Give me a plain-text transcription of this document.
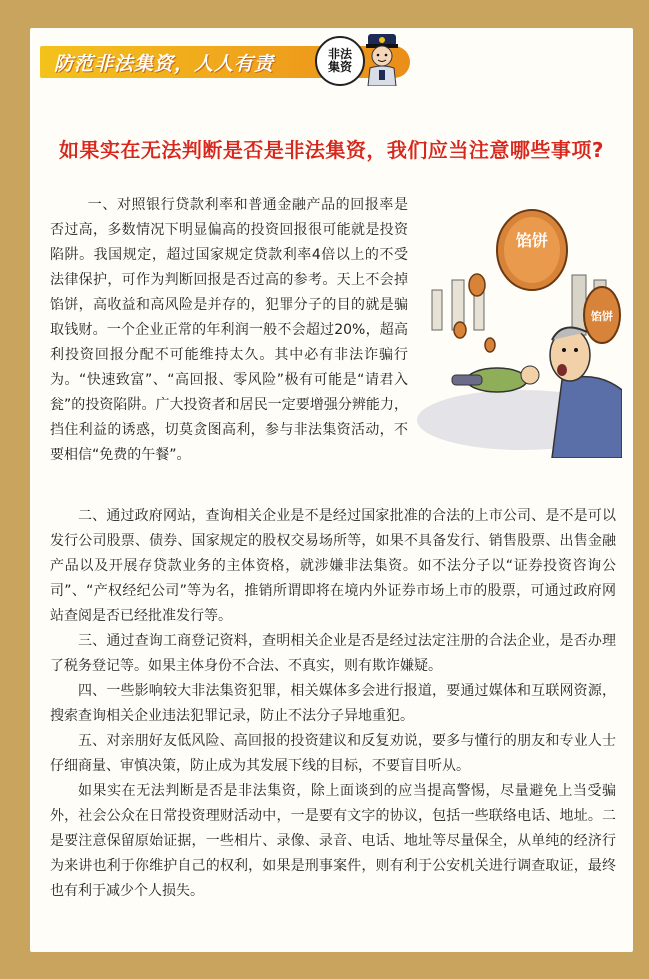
防范非法集资，人人有责	非法集资
如果实在无法判断是否是非法集资，我们应当注意哪些事项?
馅饼
馅饼

一、对照银行贷款利率和普通金融产品的回报率是否过高，多数情况下明显偏高的投资回报很可能就是投资陷阱。我国规定，超过国家规定贷款利率4倍以上的不受法律保护，可作为判断回报是否过高的参考。天上不会掉馅饼，高收益和高风险是并存的，犯罪分子的目的就是骗取钱财。一个企业正常的年利润一般不会超过20%，超高利投资回报分配不可能维持太久。其中必有非法诈骗行为。“快速致富”、“高回报、零风险”极有可能是“请君入瓮”的投资陷阱。广大投资者和居民一定要增强分辨能力，挡住利益的诱惑，切莫贪图高利，参与非法集资活动，不要相信“免费的午餐”。

二、通过政府网站，查询相关企业是不是经过国家批准的合法的上市公司、是不是可以发行公司股票、债券、国家规定的股权交易场所等，如果不具备发行、销售股票、出售金融产品以及开展存贷款业务的主体资格，就涉嫌非法集资。如不法分子以“证券投资咨询公司”、“产权经纪公司”等为名，推销所谓即将在境内外证券市场上市的股票，可通过政府网站查阅是否已经批准发行等。

三、通过查询工商登记资料，查明相关企业是否是经过法定注册的合法企业，是否办理了税务登记等。如果主体身份不合法、不真实，则有欺诈嫌疑。

四、一些影响较大非法集资犯罪，相关媒体多会进行报道，要通过媒体和互联网资源，搜索查询相关企业违法犯罪记录，防止不法分子异地重犯。

五、对亲朋好友低风险、高回报的投资建议和反复劝说，要多与懂行的朋友和专业人士仔细商量、审慎决策，防止成为其发展下线的目标，不要盲目听从。

如果实在无法判断是否是非法集资，除上面谈到的应当提高警惕，尽量避免上当受骗外，社会公众在日常投资理财活动中，一是要有文字的协议，包括一些联络电话、地址。二是要注意保留原始证据，一些相片、录像、录音、电话、地址等尽量保全，从单纯的经济行为来讲也利于你维护自己的权利，如果是刑事案件，则有利于公安机关进行调查取证，最终也有利于减少个人损失。
